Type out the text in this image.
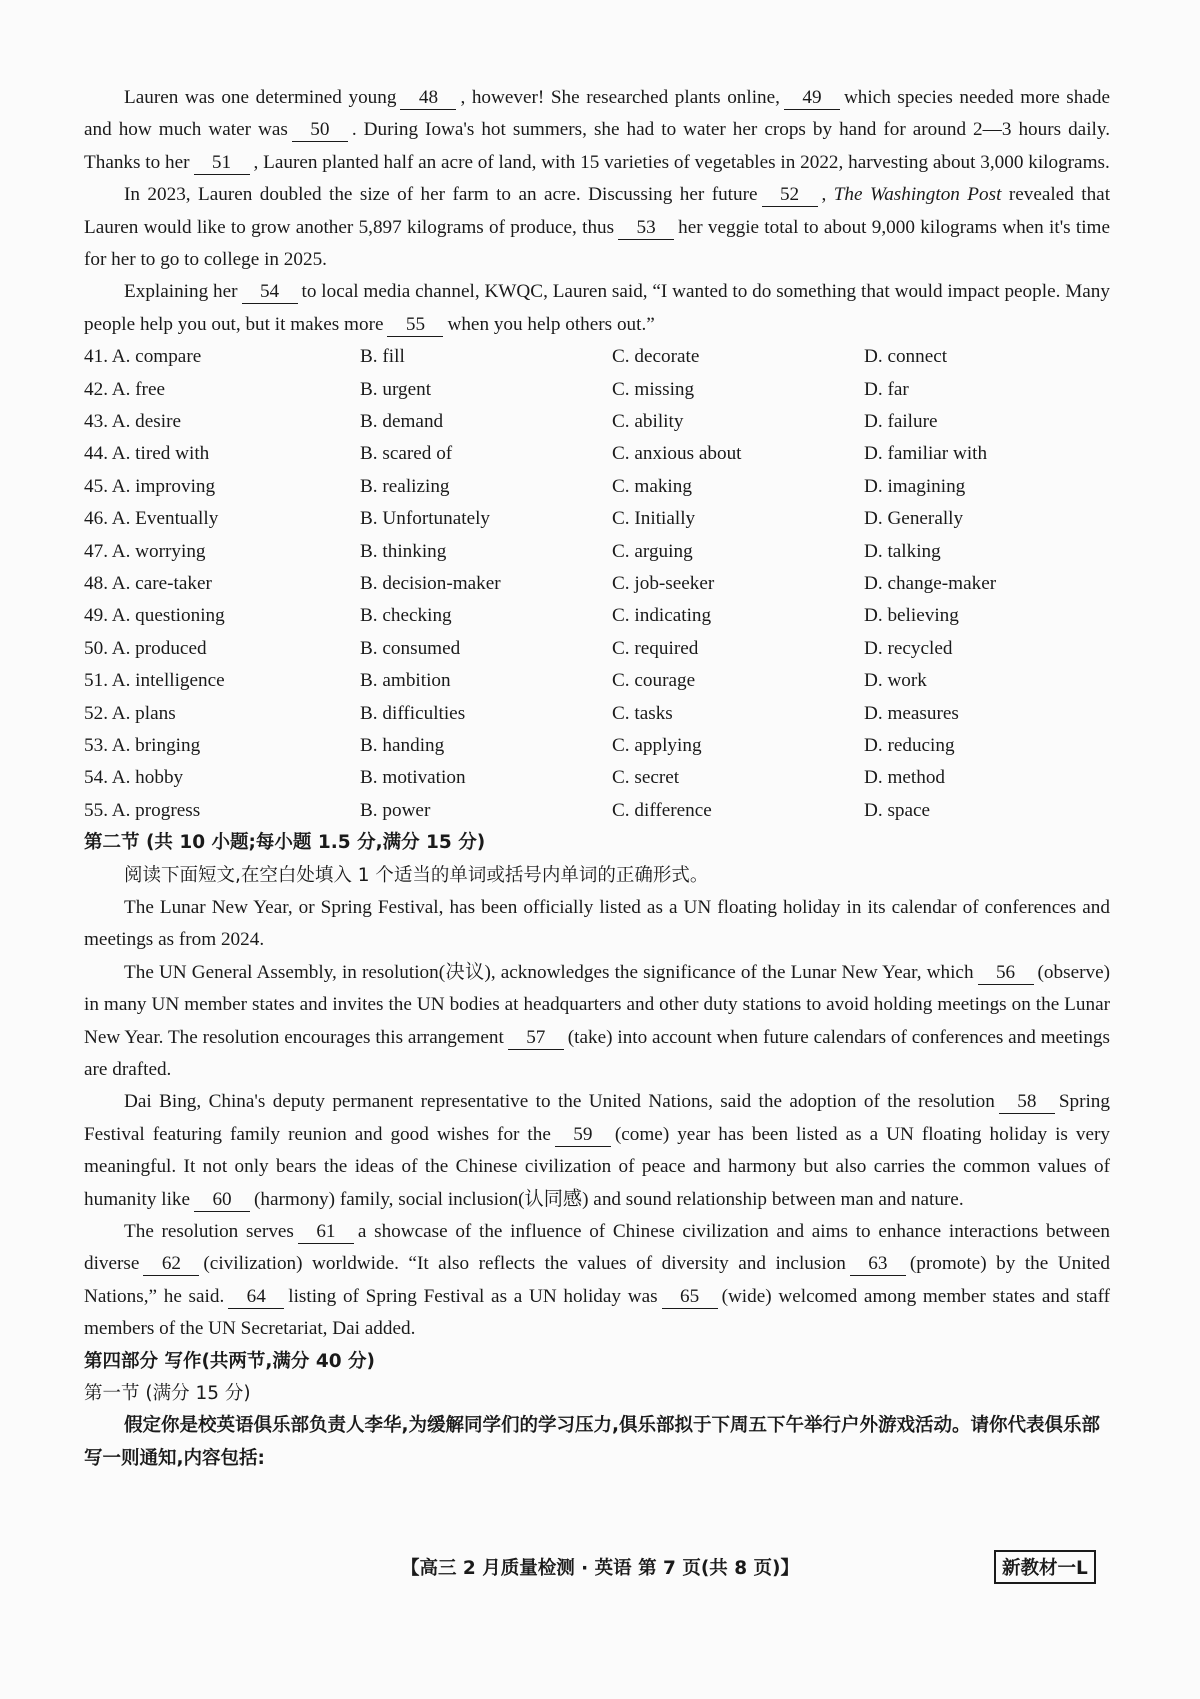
Lauren was one determined young 48 , however! She researched plants online, 49 which species needed more shade and how much water was 50 . During Iowa's hot summers, she had to water her crops by hand for around 2—3 hours daily. Thanks to her 51 , Lauren planted half an acre of land, with 15 varieties of vegetables in 2022, harvesting about 3,000 kilograms.

In 2023, Lauren doubled the size of her farm to an acre. Discussing her future 52 , The Washington Post revealed that Lauren would like to grow another 5,897 kilograms of produce, thus 53 her veggie total to about 9,000 kilograms when it's time for her to go to college in 2025.

Explaining her 54 to local media channel, KWQC, Lauren said, “I wanted to do something that would impact people. Many people help you out, but it makes more 55 when you help others out.”

41. A. compare	B. fill	C. decorate	D. connect
42. A. free	B. urgent	C. missing	D. far
43. A. desire	B. demand	C. ability	D. failure
44. A. tired with	B. scared of	C. anxious about	D. familiar with
45. A. improving	B. realizing	C. making	D. imagining
46. A. Eventually	B. Unfortunately	C. Initially	D. Generally
47. A. worrying	B. thinking	C. arguing	D. talking
48. A. care-taker	B. decision-maker	C. job-seeker	D. change-maker
49. A. questioning	B. checking	C. indicating	D. believing
50. A. produced	B. consumed	C. required	D. recycled
51. A. intelligence	B. ambition	C. courage	D. work
52. A. plans	B. difficulties	C. tasks	D. measures
53. A. bringing	B. handing	C. applying	D. reducing
54. A. hobby	B. motivation	C. secret	D. method
55. A. progress	B. power	C. difference	D. space

第二节 (共 10 小题;每小题 1.5 分,满分 15 分)

阅读下面短文,在空白处填入 1 个适当的单词或括号内单词的正确形式。

The Lunar New Year, or Spring Festival, has been officially listed as a UN floating holiday in its calendar of conferences and meetings as from 2024.

The UN General Assembly, in resolution(决议), acknowledges the significance of the Lunar New Year, which 56 (observe) in many UN member states and invites the UN bodies at headquarters and other duty stations to avoid holding meetings on the Lunar New Year. The resolution encourages this arrangement 57 (take) into account when future calendars of conferences and meetings are drafted.

Dai Bing, China's deputy permanent representative to the United Nations, said the adoption of the resolution 58 Spring Festival featuring family reunion and good wishes for the 59 (come) year has been listed as a UN floating holiday is very meaningful. It not only bears the ideas of the Chinese civilization of peace and harmony but also carries the common values of humanity like 60 (harmony) family, social inclusion(认同感) and sound relationship between man and nature.

The resolution serves 61 a showcase of the influence of Chinese civilization and aims to enhance interactions between diverse 62 (civilization) worldwide. “It also reflects the values of diversity and inclusion 63 (promote) by the United Nations,” he said. 64 listing of Spring Festival as a UN holiday was 65 (wide) welcomed among member states and staff members of the UN Secretariat, Dai added.

第四部分 写作(共两节,满分 40 分)

第一节 (满分 15 分)

假定你是校英语俱乐部负责人李华,为缓解同学们的学习压力,俱乐部拟于下周五下午举行户外游戏活动。请你代表俱乐部写一则通知,内容包括:

【高三 2 月质量检测 · 英语 第 7 页(共 8 页)】	新教材一L
